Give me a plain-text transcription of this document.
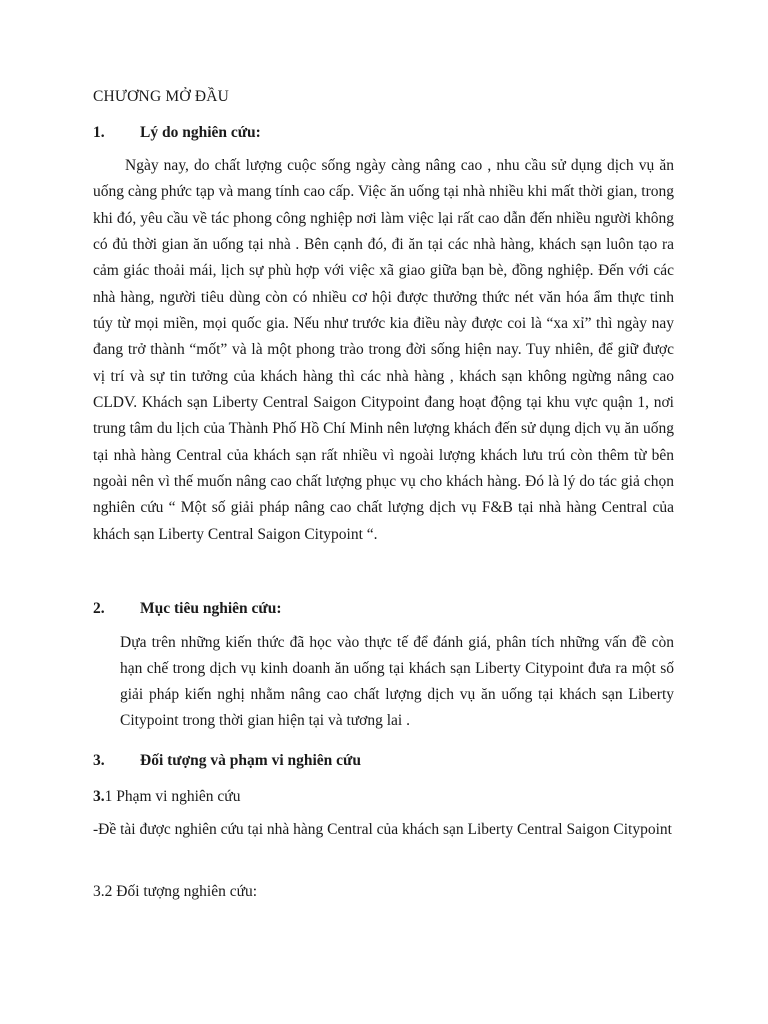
CHƯƠNG MỞ ĐẦU
1. Lý do nghiên cứu:
Ngày nay, do chất lượng cuộc sống ngày càng nâng cao , nhu cầu sử dụng dịch vụ ăn uống càng phức tạp và mang tính cao cấp. Việc ăn uống tại nhà nhiều khi mất thời gian, trong khi đó, yêu cầu về tác phong công nghiệp nơi làm việc lại rất cao dẫn đến nhiều người không có đủ thời gian ăn uống tại nhà . Bên cạnh đó, đi ăn tại các nhà hàng, khách sạn luôn tạo ra cảm giác thoải mái, lịch sự phù hợp với việc xã giao giữa bạn bè, đồng nghiệp. Đến với các nhà hàng, người tiêu dùng còn có nhiều cơ hội được thưởng thức nét văn hóa ẩm thực tinh túy từ mọi miền, mọi quốc gia. Nếu như trước kia điều này được coi là “xa xỉ” thì ngày nay đang trở thành “mốt” và là một phong trào trong đời sống hiện nay. Tuy nhiên, để giữ được vị trí và sự tin tưởng của khách hàng thì các nhà hàng , khách sạn không ngừng nâng cao CLDV. Khách sạn Liberty Central Saigon Citypoint đang hoạt động tại khu vực quận 1, nơi trung tâm du lịch của Thành Phố Hồ Chí Minh nên lượng khách đến sử dụng dịch vụ ăn uống tại nhà hàng Central của khách sạn rất nhiều vì ngoài lượng khách lưu trú còn thêm từ bên ngoài nên vì thế muốn nâng cao chất lượng phục vụ cho khách hàng. Đó là lý do tác giả chọn nghiên cứu “ Một số giải pháp nâng cao chất lượng dịch vụ F&B tại nhà hàng Central của khách sạn Liberty Central Saigon Citypoint “.
2. Mục tiêu nghiên cứu:
Dựa trên những kiến thức đã học vào thực tế để đánh giá, phân tích những vấn đề còn hạn chế trong dịch vụ kinh doanh ăn uống tại khách sạn Liberty Citypoint đưa ra một số giải pháp kiến nghị nhằm nâng cao chất lượng dịch vụ ăn uống tại khách sạn Liberty Citypoint trong thời gian hiện tại và tương lai .
3. Đối tượng và phạm vi nghiên cứu
3.1 Phạm vi nghiên cứu
-Đề tài được nghiên cứu tại nhà hàng Central của khách sạn Liberty Central Saigon Citypoint
3.2 Đối tượng nghiên cứu:
